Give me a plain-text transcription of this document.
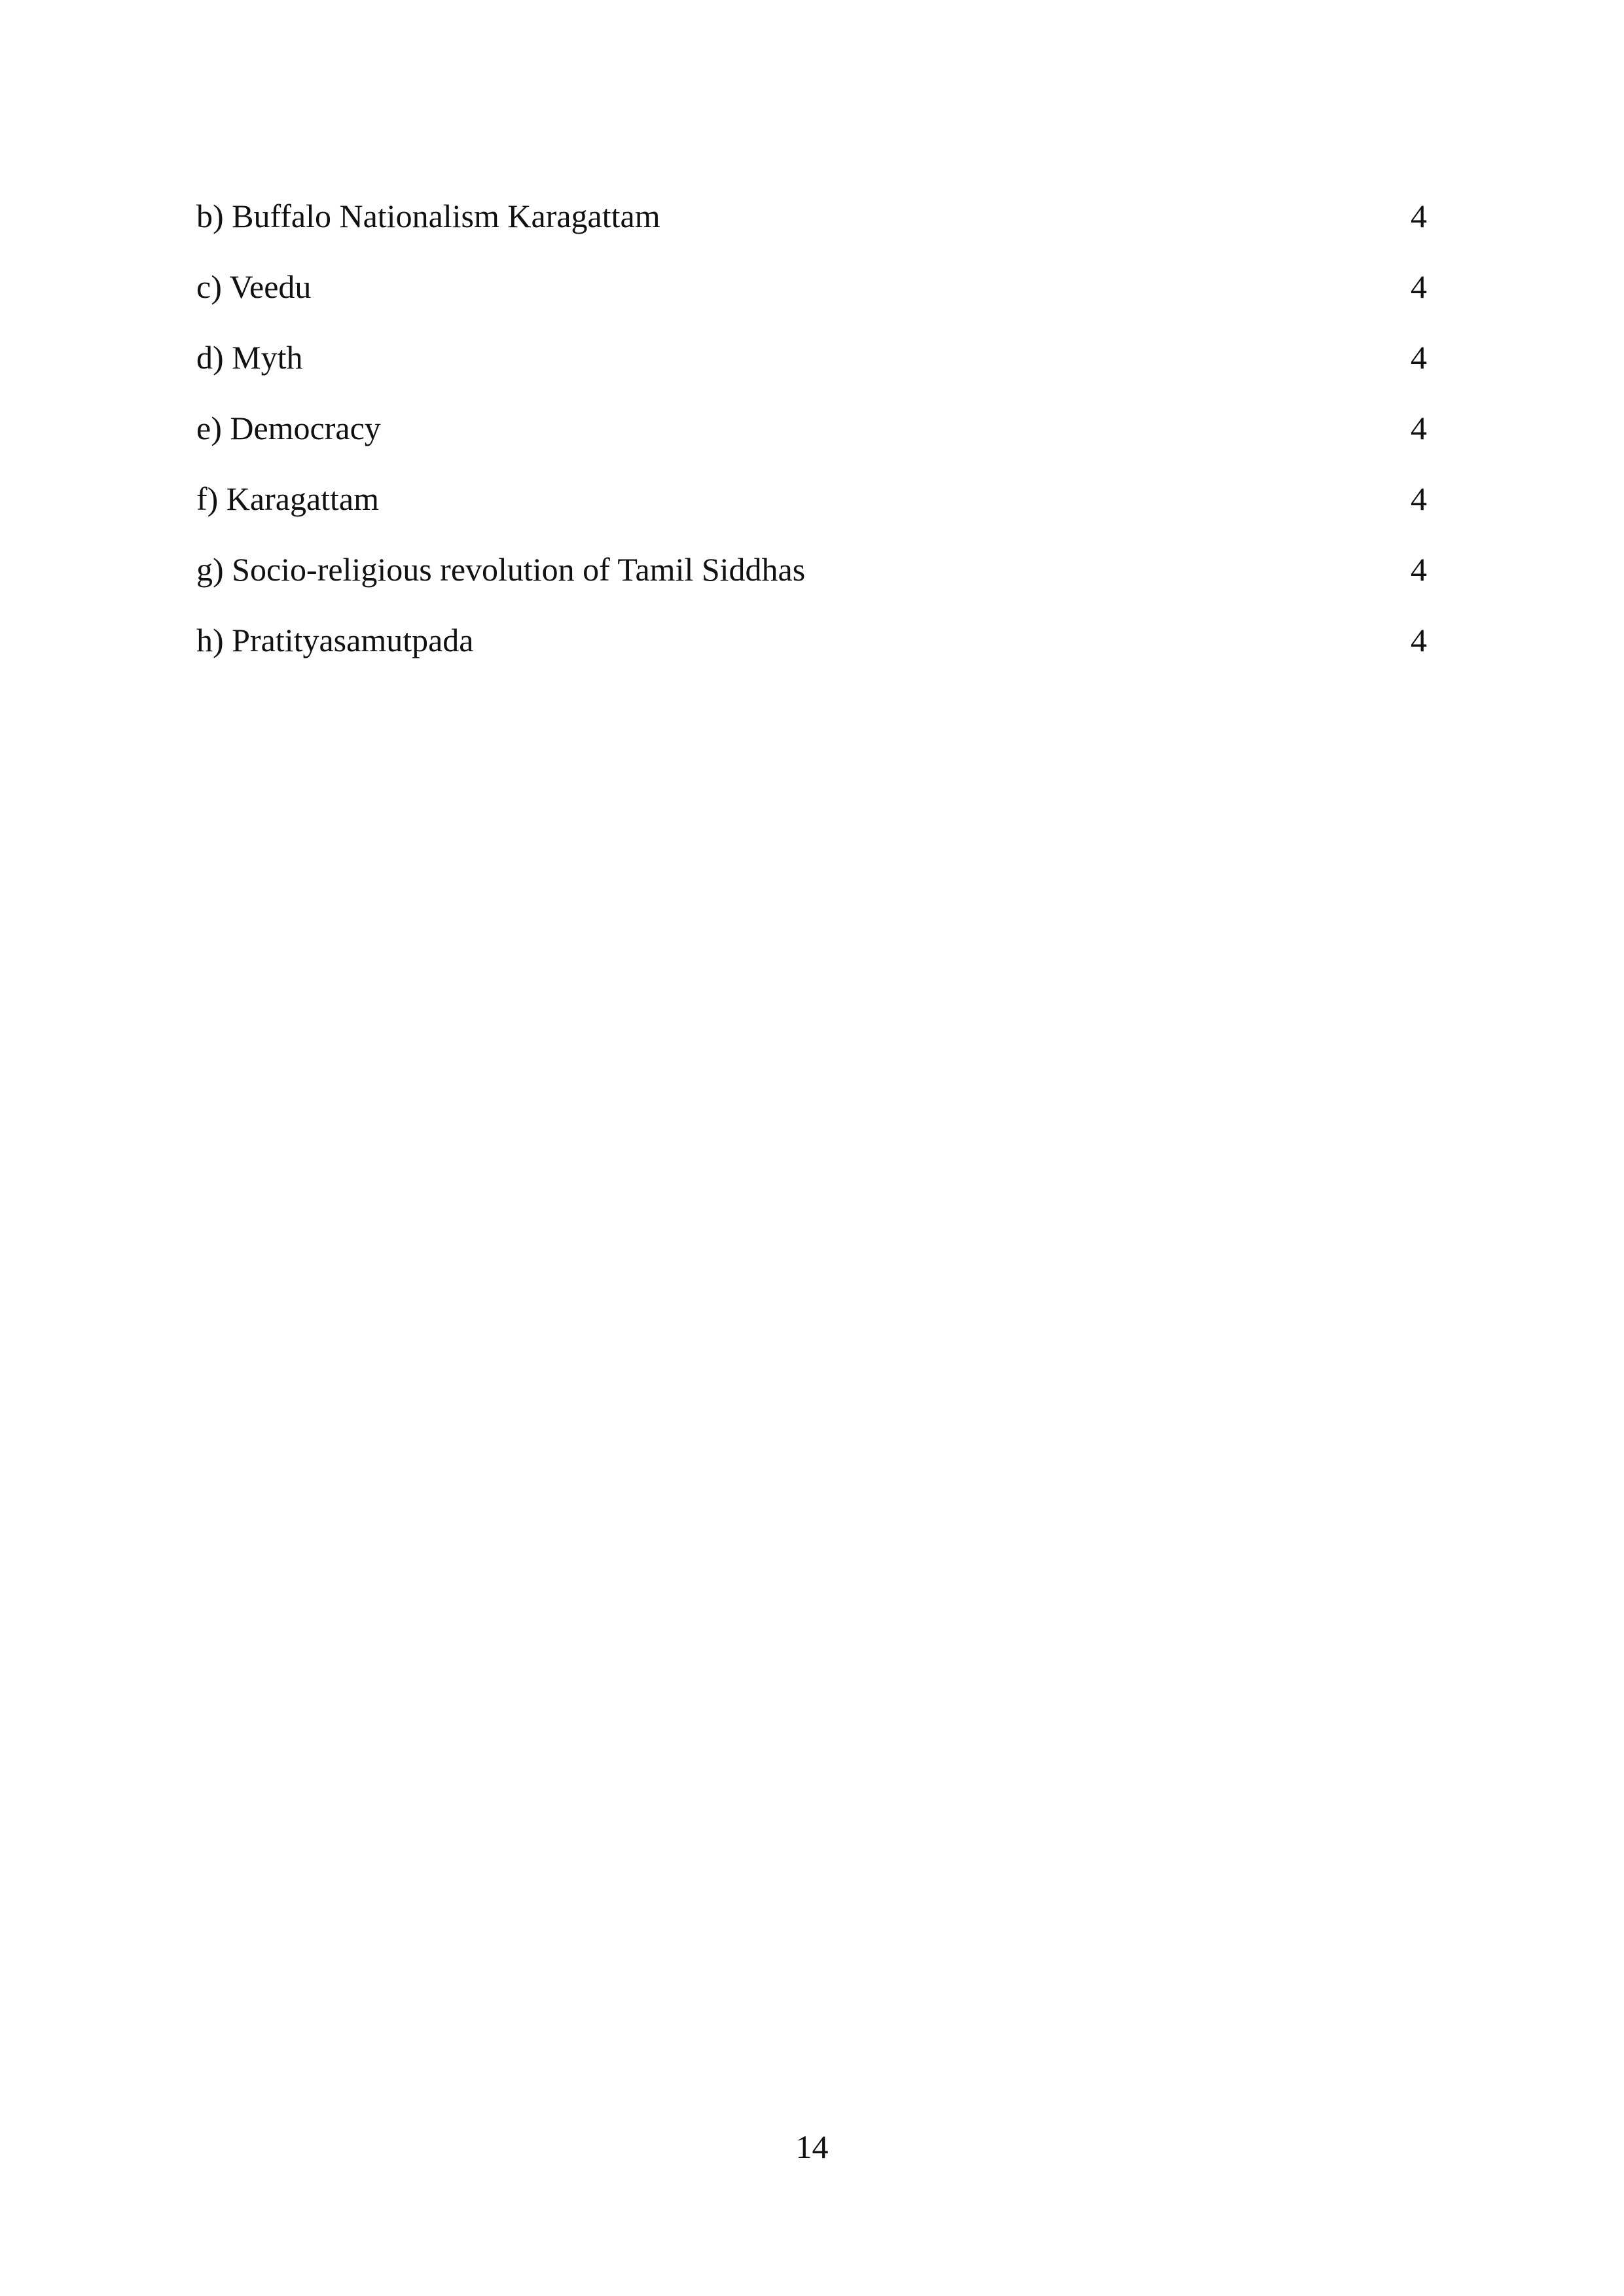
b) Buffalo Nationalism Karagattam	4
c) Veedu	4
d) Myth	4
e) Democracy	4
f) Karagattam	4
g) Socio-religious revolution of Tamil Siddhas	4
h) Pratityasamutpada	4
14
